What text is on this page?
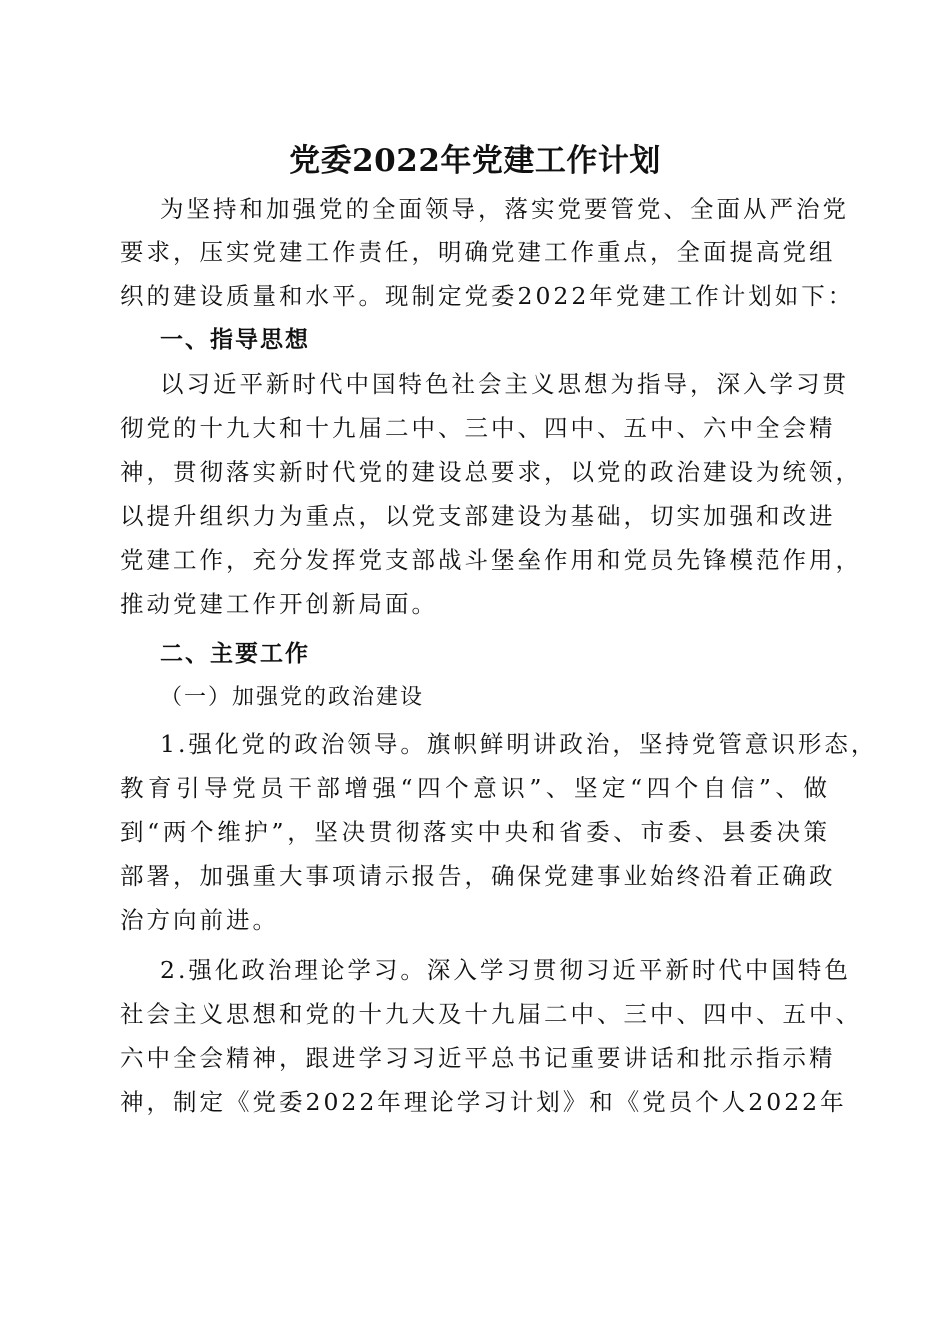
党委2022年党建工作计划
为坚持和加强党的全面领导，落实党要管党、全面从严治党
要求，压实党建工作责任，明确党建工作重点，全面提高党组
织的建设质量和水平。现制定党委2022年党建工作计划如下：
一、指导思想
以习近平新时代中国特色社会主义思想为指导，深入学习贯
彻党的十九大和十九届二中、三中、四中、五中、六中全会精
神，贯彻落实新时代党的建设总要求，以党的政治建设为统领，
以提升组织力为重点，以党支部建设为基础，切实加强和改进
党建工作，充分发挥党支部战斗堡垒作用和党员先锋模范作用，
推动党建工作开创新局面。
二、主要工作
（一）加强党的政治建设
1.强化党的政治领导。旗帜鲜明讲政治，坚持党管意识形态，
教育引导党员干部增强“四个意识”、坚定“四个自信”、做
到“两个维护”，坚决贯彻落实中央和省委、市委、县委决策
部署，加强重大事项请示报告，确保党建事业始终沿着正确政
治方向前进。
2.强化政治理论学习。深入学习贯彻习近平新时代中国特色
社会主义思想和党的十九大及十九届二中、三中、四中、五中、
六中全会精神，跟进学习习近平总书记重要讲话和批示指示精
神，制定《党委2022年理论学习计划》和《党员个人2022年
